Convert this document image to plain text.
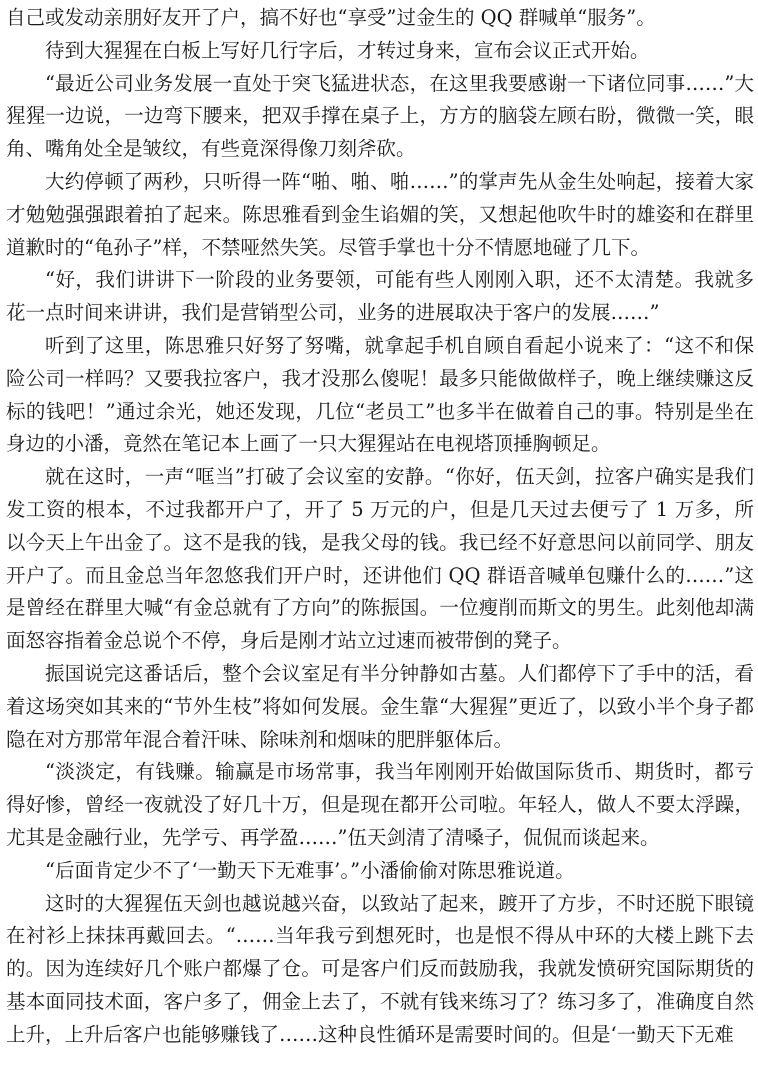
自己或发动亲朋好友开了户，搞不好也“享受”过金生的 QQ 群喊单“服务”。

待到大猩猩在白板上写好几行字后，才转过身来，宣布会议正式开始。

“最近公司业务发展一直处于突飞猛进状态，在这里我要感谢一下诸位同事……”大猩猩一边说，一边弯下腰来，把双手撑在桌子上，方方的脑袋左顾右盼，微微一笑，眼角、嘴角处全是皱纹，有些竟深得像刀刻斧砍。

大约停顿了两秒，只听得一阵“啪、啪、啪……”的掌声先从金生处响起，接着大家才勉勉强强跟着拍了起来。陈思雅看到金生谄媚的笑，又想起他吹牛时的雄姿和在群里道歉时的“龟孙子”样，不禁哑然失笑。尽管手掌也十分不情愿地碰了几下。

“好，我们讲讲下一阶段的业务要领，可能有些人刚刚入职，还不太清楚。我就多花一点时间来讲讲，我们是营销型公司，业务的进展取决于客户的发展……”

听到了这里，陈思雅只好努了努嘴，就拿起手机自顾自看起小说来了：“这不和保险公司一样吗？又要我拉客户，我才没那么傻呢！最多只能做做样子，晚上继续赚这反标的钱吧！”通过余光，她还发现，几位“老员工”也多半在做着自己的事。特别是坐在身边的小潘，竟然在笔记本上画了一只大猩猩站在电视塔顶捶胸顿足。

就在这时，一声“哐当”打破了会议室的安静。“你好，伍天剑，拉客户确实是我们发工资的根本，不过我都开户了，开了 5 万元的户，但是几天过去便亏了 1 万多，所以今天上午出金了。这不是我的钱，是我父母的钱。我已经不好意思问以前同学、朋友开户了。而且金总当年忽悠我们开户时，还讲他们 QQ 群语音喊单包赚什么的……”这是曾经在群里大喊“有金总就有了方向”的陈振国。一位瘦削而斯文的男生。此刻他却满面怒容指着金总说个不停，身后是刚才站立过速而被带倒的凳子。

振国说完这番话后，整个会议室足有半分钟静如古墓。人们都停下了手中的活，看着这场突如其来的“节外生枝”将如何发展。金生靠“大猩猩”更近了，以致小半个身子都隐在对方那常年混合着汗味、除味剂和烟味的肥胖躯体后。

“淡淡定，有钱赚。输赢是市场常事，我当年刚刚开始做国际货币、期货时，都亏得好惨，曾经一夜就没了好几十万，但是现在都开公司啦。年轻人，做人不要太浮躁，尤其是金融行业，先学亏、再学盈……”伍天剑清了清嗓子，侃侃而谈起来。

“后面肯定少不了‘一勤天下无难事’。”小潘偷偷对陈思雅说道。

这时的大猩猩伍天剑也越说越兴奋，以致站了起来，踱开了方步，不时还脱下眼镜在衬衫上抹抹再戴回去。“……当年我亏到想死时，也是恨不得从中环的大楼上跳下去的。因为连续好几个账户都爆了仓。可是客户们反而鼓励我，我就发愤研究国际期货的基本面同技术面，客户多了，佣金上去了，不就有钱来练习了？练习多了，准确度自然上升，上升后客户也能够赚钱了……这种良性循环是需要时间的。但是‘一勤天下无难
